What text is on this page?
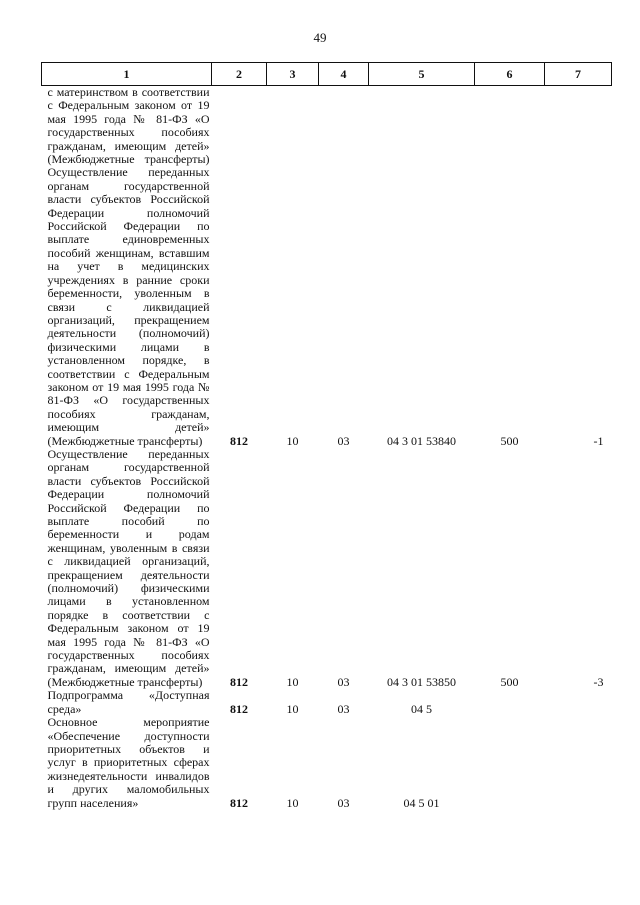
49
1	2	3	4	5	6	7
с материнством в соответствии с Федеральным законом от 19 мая 1995 года № 81-ФЗ «О государственных пособиях гражданам, имеющим детей» (Межбюджетные трансферты) Осуществление переданных органам государственной власти субъектов Российской Федерации полномочий Российской Федерации по выплате единовременных пособий женщинам, вставшим на учет в медицинских учреждениях в ранние сроки беременности, уволенным в связи с ликвидацией организаций, прекращением деятельности (полномочий) физическими лицами в установленном порядке, в соответствии с Федеральным законом от 19 мая 1995 года № 81-ФЗ «О государственных пособиях гражданам, имеющим детей» (Межбюджетные трансферты)	812	10	03	04 3 01 53840	500	-1
Осуществление переданных органам государственной власти субъектов Российской Федерации полномочий Российской Федерации по выплате пособий по беременности и родам женщинам, уволенным в связи с ликвидацией организаций, прекращением деятельности (полномочий) физическими лицами в установленном порядке в соответствии с Федеральным законом от 19 мая 1995 года № 81-ФЗ «О государственных пособиях гражданам, имеющим детей» (Межбюджетные трансферты)	812	10	03	04 3 01 53850	500	-3
Подпрограмма «Доступная среда»	812	10	03	04 5		
Основное мероприятие «Обеспечение доступности приоритетных объектов и услуг в приоритетных сферах жизнедеятельности инвалидов и других маломобильных групп населения»	812	10	03	04 5 01		
